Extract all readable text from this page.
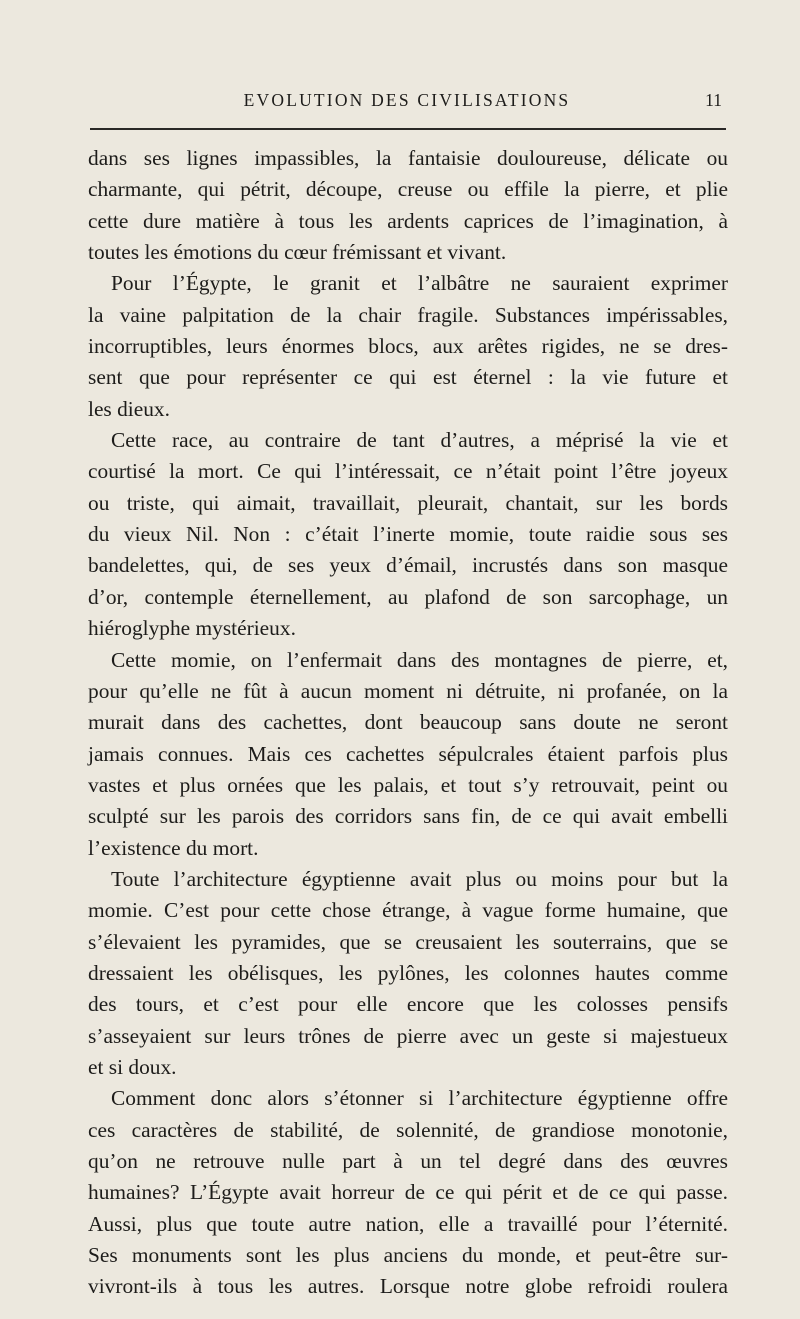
EVOLUTION DES CIVILISATIONS	11
dans ses lignes impassibles, la fantaisie douloureuse, délicate ou
charmante, qui pétrit, découpe, creuse ou effile la pierre, et plie
cette dure matière à tous les ardents caprices de l’imagination, à
toutes les émotions du cœur frémissant et vivant.
Pour l’Égypte, le granit et l’albâtre ne sauraient exprimer
la vaine palpitation de la chair fragile. Substances impérissables,
incorruptibles, leurs énormes blocs, aux arêtes rigides, ne se dres-
sent que pour représenter ce qui est éternel : la vie future et
les dieux.
Cette race, au contraire de tant d’autres, a méprisé la vie et
courtisé la mort. Ce qui l’intéressait, ce n’était point l’être joyeux
ou triste, qui aimait, travaillait, pleurait, chantait, sur les bords
du vieux Nil. Non : c’était l’inerte momie, toute raidie sous ses
bandelettes, qui, de ses yeux d’émail, incrustés dans son masque
d’or, contemple éternellement, au plafond de son sarcophage, un
hiéroglyphe mystérieux.
Cette momie, on l’enfermait dans des montagnes de pierre, et,
pour qu’elle ne fût à aucun moment ni détruite, ni profanée, on la
murait dans des cachettes, dont beaucoup sans doute ne seront
jamais connues. Mais ces cachettes sépulcrales étaient parfois plus
vastes et plus ornées que les palais, et tout s’y retrouvait, peint ou
sculpté sur les parois des corridors sans fin, de ce qui avait embelli
l’existence du mort.
Toute l’architecture égyptienne avait plus ou moins pour but la
momie. C’est pour cette chose étrange, à vague forme humaine, que
s’élevaient les pyramides, que se creusaient les souterrains, que se
dressaient les obélisques, les pylônes, les colonnes hautes comme
des tours, et c’est pour elle encore que les colosses pensifs
s’asseyaient sur leurs trônes de pierre avec un geste si majestueux
et si doux.
Comment donc alors s’étonner si l’architecture égyptienne offre
ces caractères de stabilité, de solennité, de grandiose monotonie,
qu’on ne retrouve nulle part à un tel degré dans des œuvres
humaines? L’Égypte avait horreur de ce qui périt et de ce qui passe.
Aussi, plus que toute autre nation, elle a travaillé pour l’éternité.
Ses monuments sont les plus anciens du monde, et peut-être sur-
vivront-ils à tous les autres. Lorsque notre globe refroidi roulera
